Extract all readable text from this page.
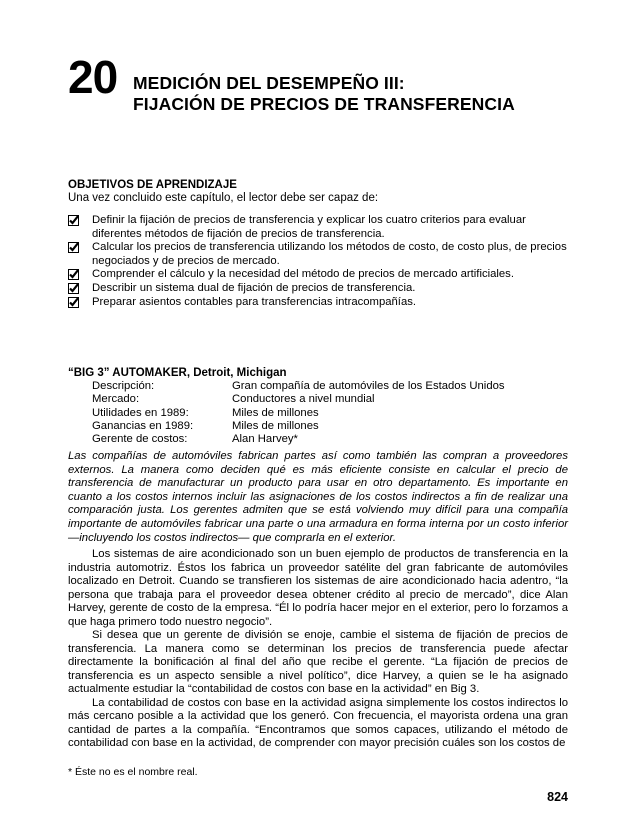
20 MEDICIÓN DEL DESEMPEÑO III:
FIJACIÓN DE PRECIOS DE TRANSFERENCIA
OBJETIVOS DE APRENDIZAJE
Una vez concluido este capítulo, el lector debe ser capaz de:
Definir la fijación de precios de transferencia y explicar los cuatro criterios para evaluar diferentes métodos de fijación de precios de transferencia.
Calcular los precios de transferencia utilizando los métodos de costo, de costo plus, de precios negociados y de precios de mercado.
Comprender el cálculo y la necesidad del método de precios de mercado artificiales.
Describir un sistema dual de fijación de precios de transferencia.
Preparar asientos contables para transferencias intracompañías.
“BIG 3” AUTOMAKER, Detroit, Michigan
Descripción:	Gran compañía de automóviles de los Estados Unidos
Mercado:	Conductores a nivel mundial
Utilidades en 1989:	Miles de millones
Ganancias en 1989:	Miles de millones
Gerente de costos:	Alan Harvey*
Las compañías de automóviles fabrican partes así como también las compran a proveedores externos. La manera como deciden qué es más eficiente consiste en calcular el precio de transferencia de manufacturar un producto para usar en otro departamento. Es importante en cuanto a los costos internos incluir las asignaciones de los costos indirectos a fin de realizar una comparación justa. Los gerentes admiten que se está volviendo muy difícil para una compañía importante de automóviles fabricar una parte o una armadura en forma interna por un costo inferior —incluyendo los costos indirectos— que comprarla en el exterior.

Los sistemas de aire acondicionado son un buen ejemplo de productos de transferencia en la industria automotriz. Éstos los fabrica un proveedor satélite del gran fabricante de automóviles localizado en Detroit. Cuando se transfieren los sistemas de aire acondicionado hacia adentro, “la persona que trabaja para el proveedor desea obtener crédito al precio de mercado”, dice Alan Harvey, gerente de costo de la empresa. “Él lo podría hacer mejor en el exterior, pero lo forzamos a que haga primero todo nuestro negocio”.

Si desea que un gerente de división se enoje, cambie el sistema de fijación de precios de transferencia. La manera como se determinan los precios de transferencia puede afectar directamente la bonificación al final del año que recibe el gerente. “La fijación de precios de transferencia es un aspecto sensible a nivel político”, dice Harvey, a quien se le ha asignado actualmente estudiar la “contabilidad de costos con base en la actividad” en Big 3.

La contabilidad de costos con base en la actividad asigna simplemente los costos indirectos lo más cercano posible a la actividad que los generó. Con frecuencia, el mayorista ordena una gran cantidad de partes a la compañía. “Encontramos que somos capaces, utilizando el método de contabilidad con base en la actividad, de comprender con mayor precisión cuáles son los costos de

* Éste no es el nombre real.
824
